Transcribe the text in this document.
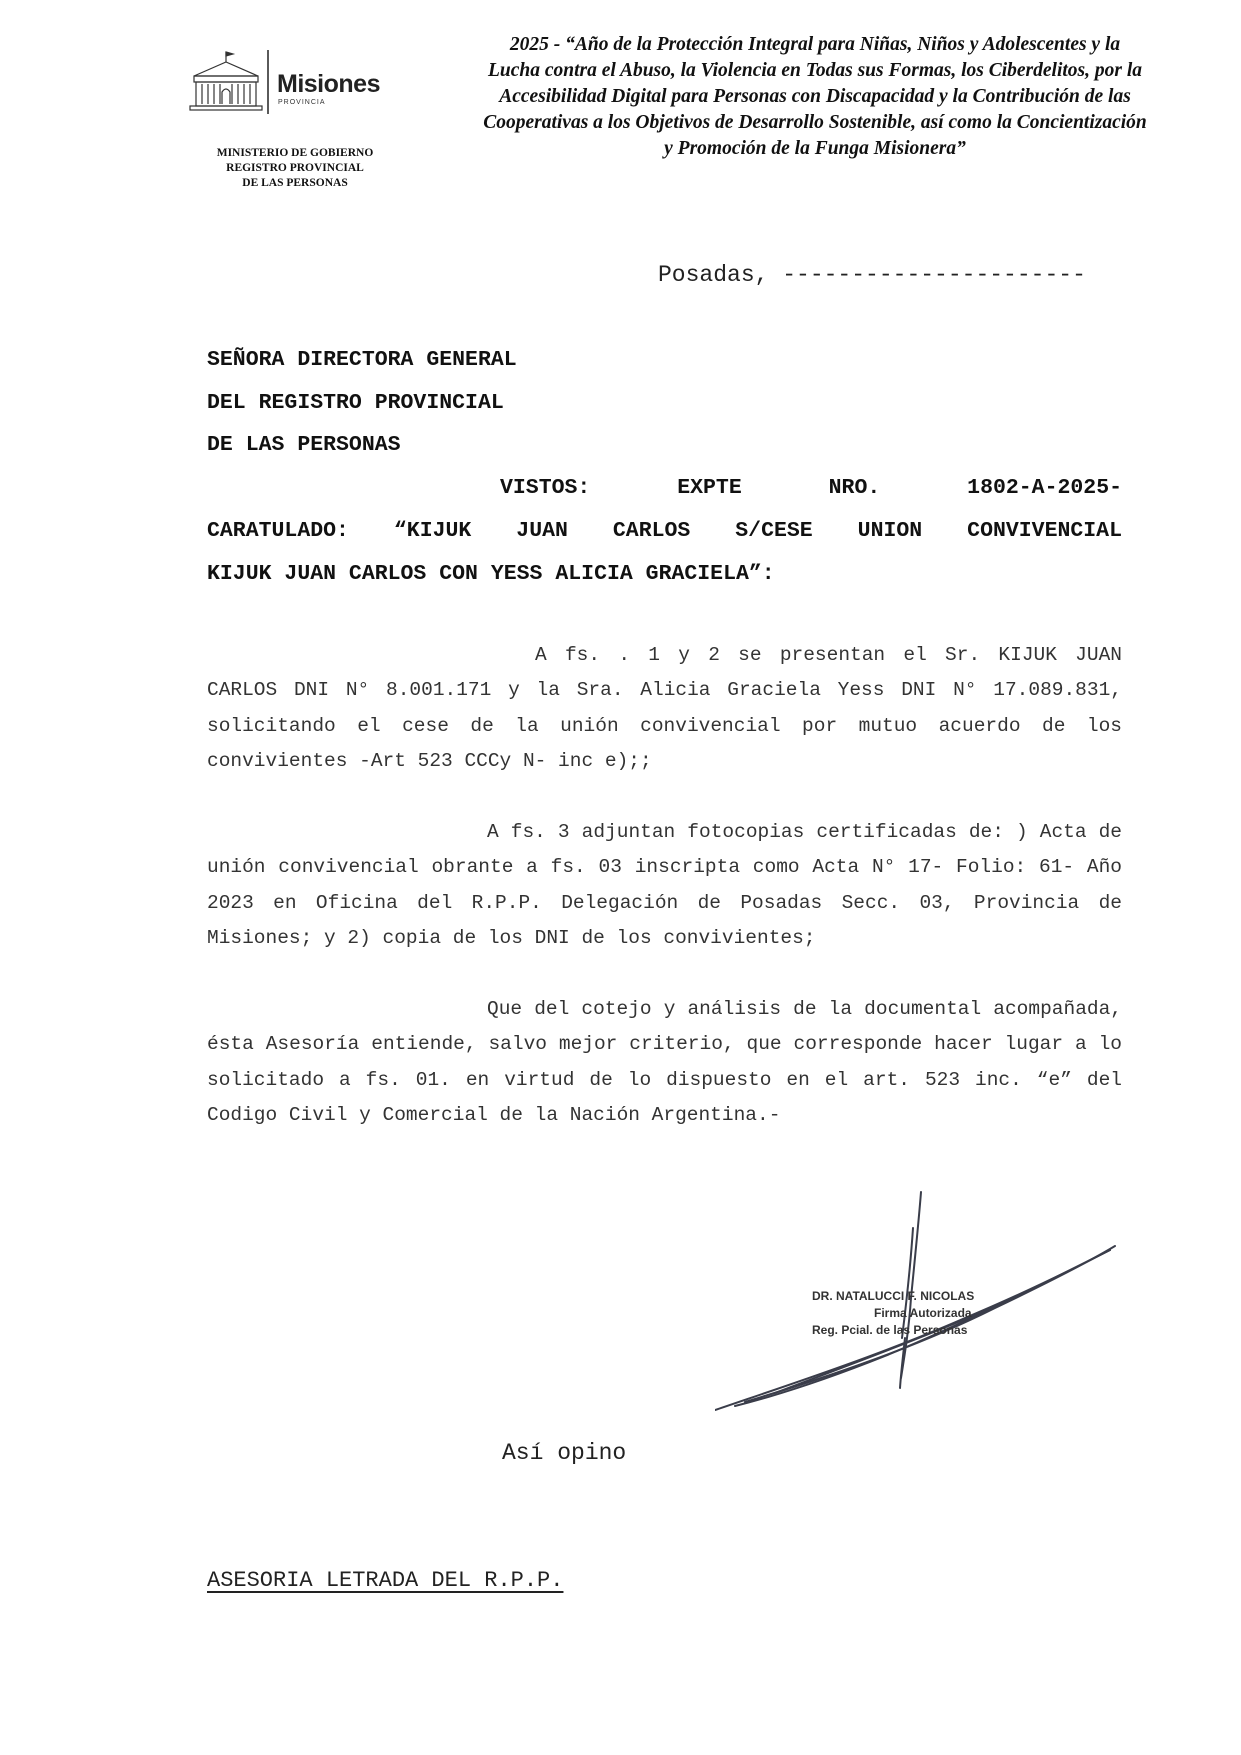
Misiones
PROVINCIA
MINISTERIO DE GOBIERNO
REGISTRO PROVINCIAL
DE LAS PERSONAS
2025 - “Año de la Protección Integral para Niñas, Niños y Adolescentes y la
Lucha contra el Abuso, la Violencia en Todas sus Formas, los Ciberdelitos, por la
Accesibilidad Digital para Personas con Discapacidad y la Contribución de las
Cooperativas a los Objetivos de Desarrollo Sostenible, así como la Concientización
y Promoción de la Funga Misionera”
Posadas, ----------------------
SEÑORA DIRECTORA GENERAL
DEL REGISTRO PROVINCIAL
DE LAS PERSONAS
VISTOS: EXPTE NRO. 1802-A-2025-
CARATULADO: “KIJUK JUAN CARLOS S/CESE UNION CONVIVENCIAL
KIJUK JUAN CARLOS CON YESS ALICIA GRACIELA”:

A fs. . 1 y 2 se presentan el Sr. KIJUK JUAN CARLOS DNI N° 8.001.171 y la Sra. Alicia Graciela Yess DNI N° 17.089.831, solicitando el cese de la unión convivencial por mutuo acuerdo de los convivientes -Art 523 CCCy N- inc e);;

A fs. 3 adjuntan fotocopias certificadas de: ) Acta de unión convivencial obrante a fs. 03 inscripta como Acta N° 17- Folio: 61- Año 2023 en Oficina del R.P.P. Delegación de Posadas Secc. 03, Provincia de Misiones; y 2) copia de los DNI de los convivientes;

Que del cotejo y análisis de la documental acompañada, ésta Asesoría entiende, salvo mejor criterio, que corresponde hacer lugar a lo solicitado a fs. 01. en virtud de lo dispuesto en el art. 523 inc. “e” del Codigo Civil y Comercial de la Nación Argentina.-

DR. NATALUCCI F. NICOLAS
Firma Autorizada
Reg. Pcial. de las Personas
Así opino
ASESORIA LETRADA DEL R.P.P.
